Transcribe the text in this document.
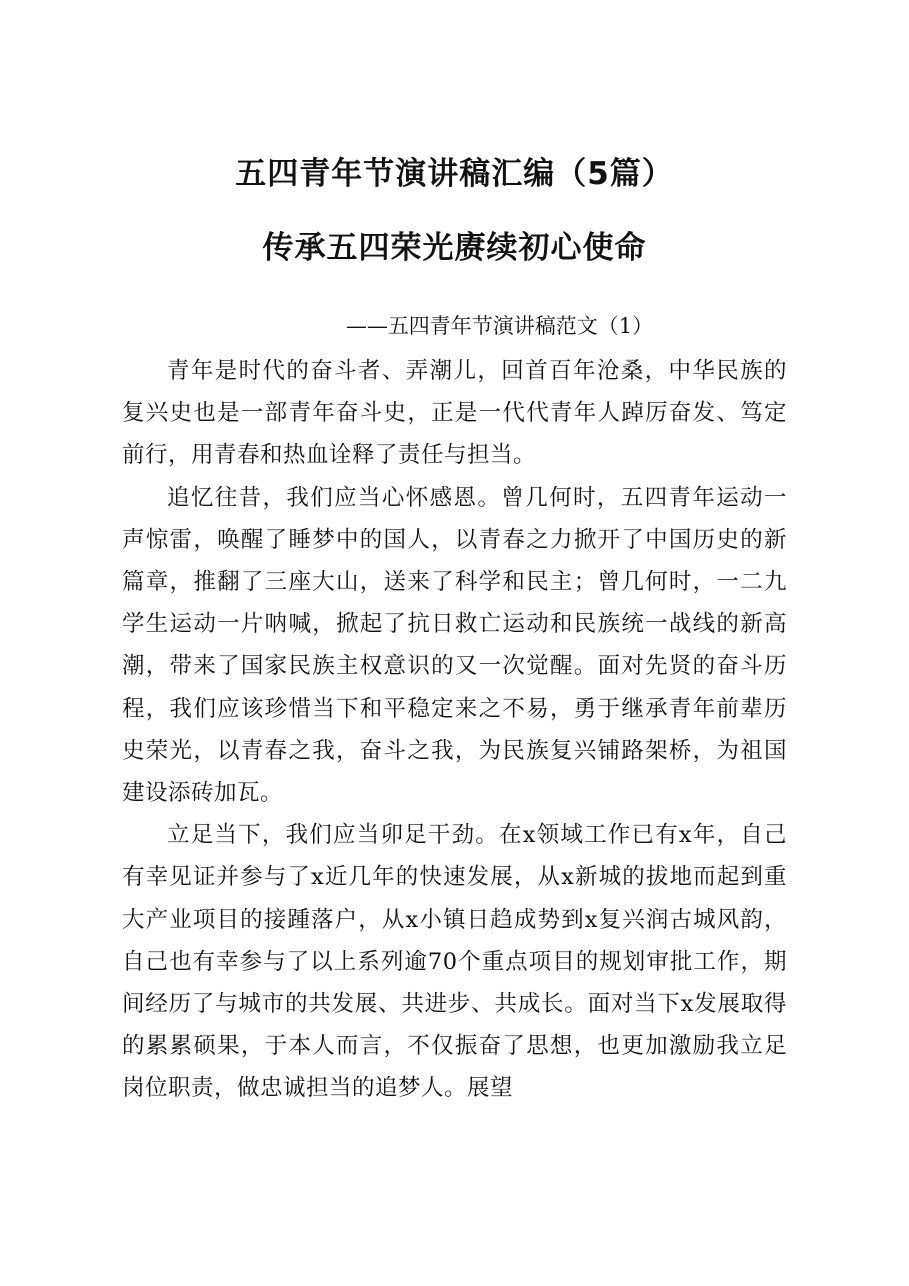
五四青年节演讲稿汇编（5篇）
传承五四荣光赓续初心使命
——五四青年节演讲稿范文（1）

青年是时代的奋斗者、弄潮儿，回首百年沧桑，中华民族的复兴史也是一部青年奋斗史，正是一代代青年人踔厉奋发、笃定前行，用青春和热血诠释了责任与担当。

追忆往昔，我们应当心怀感恩。曾几何时，五四青年运动一声惊雷，唤醒了睡梦中的国人，以青春之力掀开了中国历史的新篇章，推翻了三座大山，送来了科学和民主；曾几何时，一二九学生运动一片呐喊，掀起了抗日救亡运动和民族统一战线的新高潮，带来了国家民族主权意识的又一次觉醒。面对先贤的奋斗历程，我们应该珍惜当下和平稳定来之不易，勇于继承青年前辈历史荣光，以青春之我，奋斗之我，为民族复兴铺路架桥，为祖国建设添砖加瓦。

立足当下，我们应当卯足干劲。在x领域工作已有x年，自己有幸见证并参与了x近几年的快速发展，从x新城的拔地而起到重大产业项目的接踵落户，从x小镇日趋成势到x复兴润古城风韵，自己也有幸参与了以上系列逾70个重点项目的规划审批工作，期间经历了与城市的共发展、共进步、共成长。面对当下x发展取得的累累硕果，于本人而言，不仅振奋了思想，也更加激励我立足岗位职责，做忠诚担当的追梦人。展望
